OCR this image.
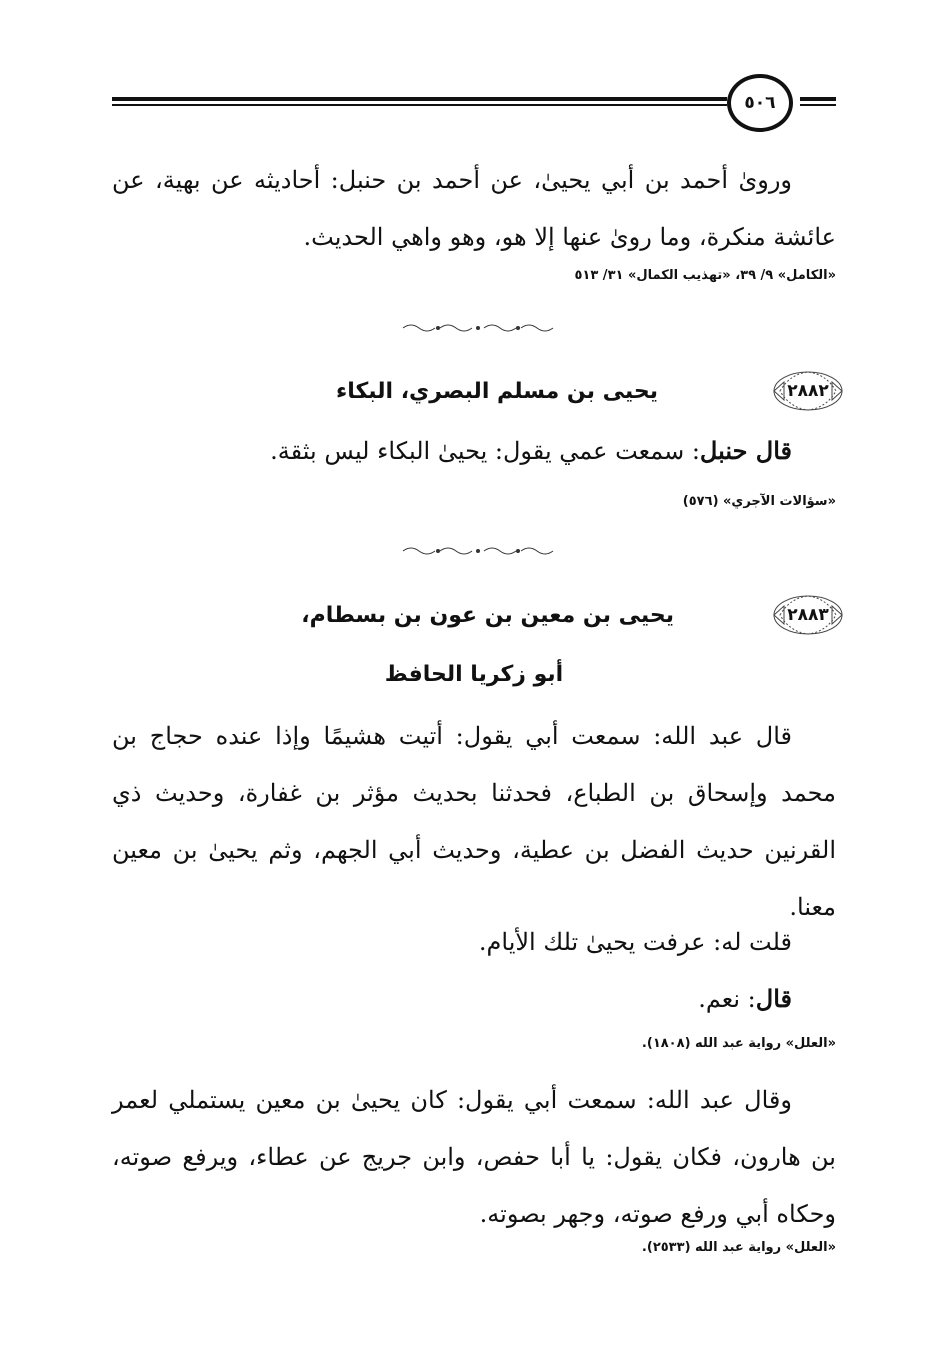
٥٠٦

ورویٰ أحمد بن أبي يحيىٰ، عن أحمد بن حنبل: أحاديثه عن بهية، عن عائشة منكرة، وما رویٰ عنها إلا هو، وهو واهي الحديث.

«الكامل» ٩/ ٣٩، «تهذيب الكمال» ٣١/ ٥١٣

٢٨٨٢

يحيى بن مسلم البصري، البكاء

قال حنبل: سمعت عمي يقول: يحيىٰ البكاء ليس بثقة.

«سؤالات الآجري» (٥٧٦)

٢٨٨٣

يحيى بن معين بن عون بن بسطام،

أبو زكريا الحافظ

قال عبد الله: سمعت أبي يقول: أتيت هشيمًا وإذا عنده حجاج بن محمد وإسحاق بن الطباع، فحدثنا بحديث مؤثر بن غفارة، وحديث ذي القرنين حديث الفضل بن عطية، وحديث أبي الجهم، وثم يحيىٰ بن معين معنا.

قلت له: عرفت يحيىٰ تلك الأيام.

قال: نعم.

«العلل» رواية عبد الله (١٨٠٨).

وقال عبد الله: سمعت أبي يقول: كان يحيىٰ بن معين يستملي لعمر بن هارون، فكان يقول: يا أبا حفص، وابن جريج عن عطاء، ويرفع صوته، وحكاه أبي ورفع صوته، وجهر بصوته.

«العلل» رواية عبد الله (٢٥٣٣).
